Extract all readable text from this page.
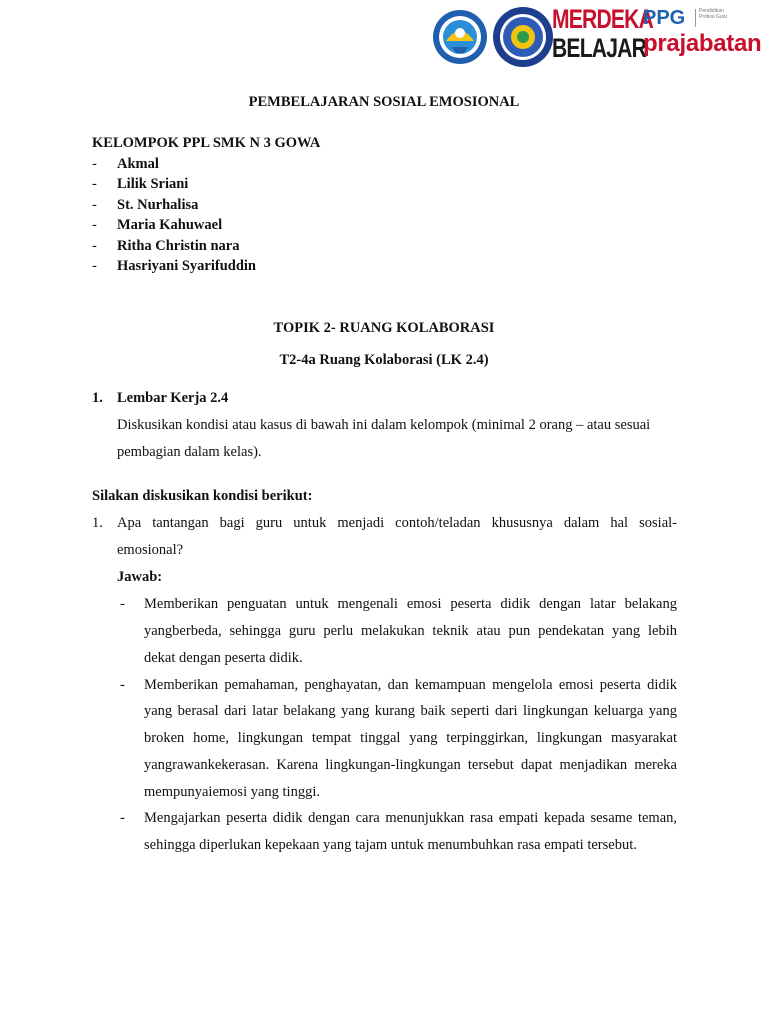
MERDEKA
BELAJAR
PPG	Pendidikan Profesi Guru
prajabatan
PEMBELAJARAN SOSIAL EMOSIONAL
KELOMPOK PPL SMK N 3 GOWA
- Akmal
- Lilik Sriani
- St. Nurhalisa
- Maria Kahuwael
- Ritha Christin nara
- Hasriyani Syarifuddin
TOPIK 2- RUANG KOLABORASI
T2-4a Ruang Kolaborasi (LK 2.4)
1. Lembar Kerja 2.4
Diskusikan kondisi atau kasus di bawah ini dalam kelompok (minimal 2 orang – atau sesuai
pembagian dalam kelas).
Silakan diskusikan kondisi berikut:
1. Apa tantangan bagi guru untuk menjadi contoh/teladan khususnya dalam hal sosial-
emosional?
Jawab:
- Memberikan penguatan untuk mengenali emosi peserta didik dengan latar belakang
yangberbeda, sehingga guru perlu melakukan teknik atau pun pendekatan yang lebih
dekat dengan peserta didik.
- Memberikan pemahaman, penghayatan, dan kemampuan mengelola emosi peserta didik
yang berasal dari latar belakang yang kurang baik seperti dari lingkungan keluarga yang
broken home, lingkungan tempat tinggal yang terpinggirkan, lingkungan masyarakat
yangrawankekerasan. Karena lingkungan-lingkungan tersebut dapat menjadikan mereka
mempunyaiemosi yang tinggi.
- Mengajarkan peserta didik dengan cara menunjukkan rasa empati kepada sesame teman,
sehingga diperlukan kepekaan yang tajam untuk menumbuhkan rasa empati tersebut.
